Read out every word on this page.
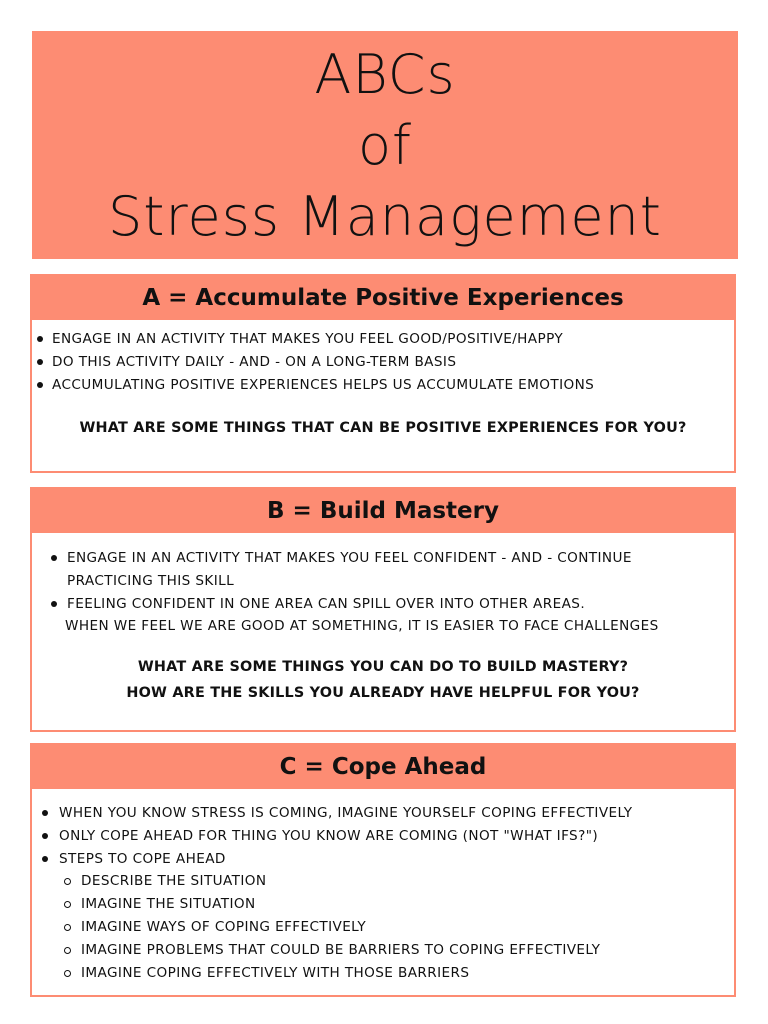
ABCs
of
Stress Management
A = Accumulate Positive Experiences
ENGAGE IN AN ACTIVITY THAT MAKES YOU FEEL GOOD/POSITIVE/HAPPY
DO THIS ACTIVITY DAILY - AND - ON A LONG-TERM BASIS
ACCUMULATING POSITIVE EXPERIENCES HELPS US ACCUMULATE EMOTIONS
WHAT ARE SOME THINGS THAT CAN BE POSITIVE EXPERIENCES FOR YOU?
B = Build Mastery
ENGAGE IN AN ACTIVITY THAT MAKES YOU FEEL CONFIDENT - AND - CONTINUE
PRACTICING THIS SKILL
FEELING CONFIDENT IN ONE AREA CAN SPILL OVER INTO OTHER AREAS.
WHEN WE FEEL WE ARE GOOD AT SOMETHING, IT IS EASIER TO FACE CHALLENGES
WHAT ARE SOME THINGS YOU CAN DO TO BUILD MASTERY?
HOW ARE THE SKILLS YOU ALREADY HAVE HELPFUL FOR YOU?
C = Cope Ahead
WHEN YOU KNOW STRESS IS COMING, IMAGINE YOURSELF COPING EFFECTIVELY
ONLY COPE AHEAD FOR THING YOU KNOW ARE COMING (NOT "WHAT IFS?")
STEPS TO COPE AHEAD
DESCRIBE THE SITUATION
IMAGINE THE SITUATION
IMAGINE WAYS OF COPING EFFECTIVELY
IMAGINE PROBLEMS THAT COULD BE BARRIERS TO COPING EFFECTIVELY
IMAGINE COPING EFFECTIVELY WITH THOSE BARRIERS
